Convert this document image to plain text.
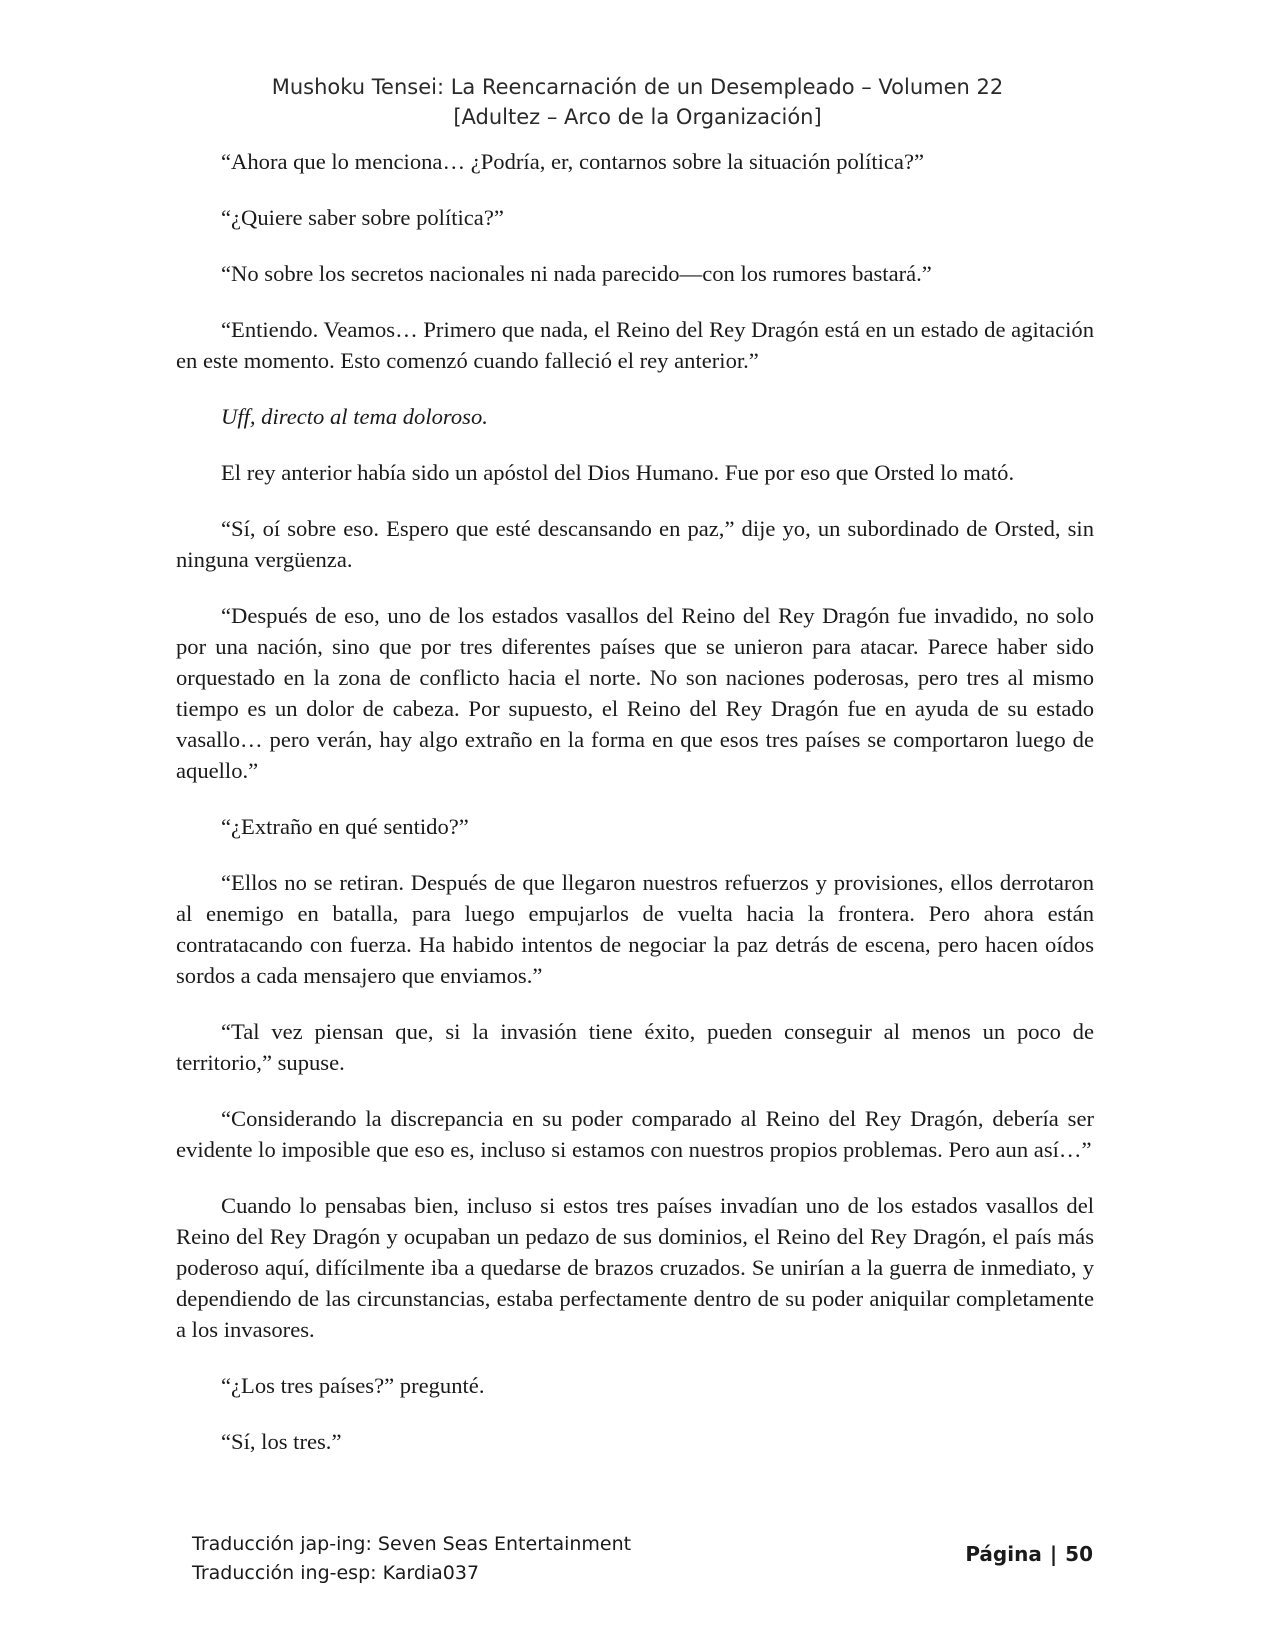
Mushoku Tensei: La Reencarnación de un Desempleado – Volumen 22
[Adultez – Arco de la Organización]

“Ahora que lo menciona… ¿Podría, er, contarnos sobre la situación política?”

“¿Quiere saber sobre política?”

“No sobre los secretos nacionales ni nada parecido—con los rumores bastará.”

“Entiendo. Veamos… Primero que nada, el Reino del Rey Dragón está en un estado de agitación en este momento. Esto comenzó cuando falleció el rey anterior.”

Uff, directo al tema doloroso.

El rey anterior había sido un apóstol del Dios Humano. Fue por eso que Orsted lo mató.

“Sí, oí sobre eso. Espero que esté descansando en paz,” dije yo, un subordinado de Orsted, sin ninguna vergüenza.

“Después de eso, uno de los estados vasallos del Reino del Rey Dragón fue invadido, no solo por una nación, sino que por tres diferentes países que se unieron para atacar. Parece haber sido orquestado en la zona de conflicto hacia el norte. No son naciones poderosas, pero tres al mismo tiempo es un dolor de cabeza. Por supuesto, el Reino del Rey Dragón fue en ayuda de su estado vasallo… pero verán, hay algo extraño en la forma en que esos tres países se comportaron luego de aquello.”

“¿Extraño en qué sentido?”

“Ellos no se retiran. Después de que llegaron nuestros refuerzos y provisiones, ellos derrotaron al enemigo en batalla, para luego empujarlos de vuelta hacia la frontera. Pero ahora están contratacando con fuerza. Ha habido intentos de negociar la paz detrás de escena, pero hacen oídos sordos a cada mensajero que enviamos.”

“Tal vez piensan que, si la invasión tiene éxito, pueden conseguir al menos un poco de territorio,” supuse.

“Considerando la discrepancia en su poder comparado al Reino del Rey Dragón, debería ser evidente lo imposible que eso es, incluso si estamos con nuestros propios problemas. Pero aun así…”

Cuando lo pensabas bien, incluso si estos tres países invadían uno de los estados vasallos del Reino del Rey Dragón y ocupaban un pedazo de sus dominios, el Reino del Rey Dragón, el país más poderoso aquí, difícilmente iba a quedarse de brazos cruzados. Se unirían a la guerra de inmediato, y dependiendo de las circunstancias, estaba perfectamente dentro de su poder aniquilar completamente a los invasores.

“¿Los tres países?” pregunté.

“Sí, los tres.”

Traducción jap-ing: Seven Seas Entertainment
Traducción ing-esp: Kardia037
Página | 50
